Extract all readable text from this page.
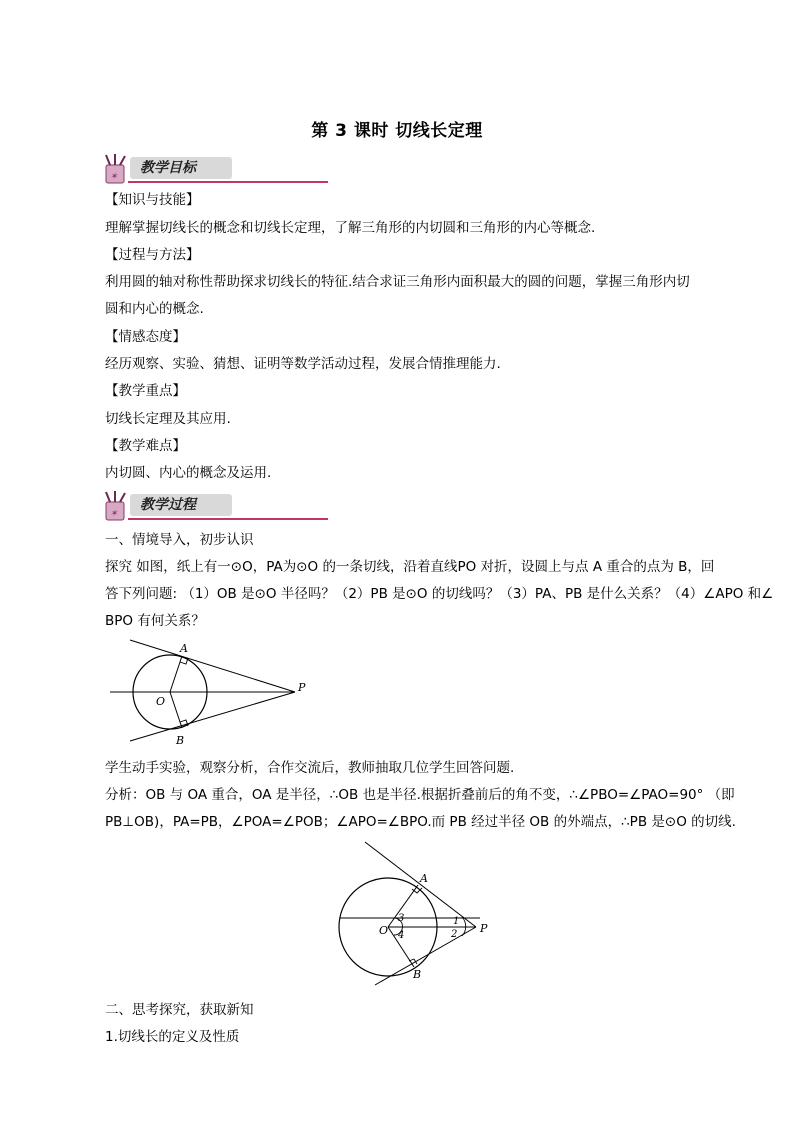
第 3 课时 切线长定理
✶
教学目标
【知识与技能】
理解掌握切线长的概念和切线长定理，了解三角形的内切圆和三角形的内心等概念.
【过程与方法】
利用圆的轴对称性帮助探求切线长的特征.结合求证三角形内面积最大的圆的问题，掌握三角形内切
圆和内心的概念.
【情感态度】
经历观察、实验、猜想、证明等数学活动过程，发展合情推理能力.
【教学重点】
切线长定理及其应用.
【教学难点】
内切圆、内心的概念及运用.
✶
教学过程
一、情境导入，初步认识
探究 如图，纸上有一⊙O，PA为⊙O 的一条切线，沿着直线PO 对折，设圆上与点 A 重合的点为 B，回
答下列问题: （1）OB 是⊙O 半径吗？（2）PB 是⊙O 的切线吗？（3）PA、PB 是什么关系？（4）∠APO 和∠
BPO 有何关系？
A
B
O
P
学生动手实验，观察分析，合作交流后，教师抽取几位学生回答问题.
分析：OB 与 OA 重合，OA 是半径，∴OB 也是半径.根据折叠前后的角不变，∴∠PBO=∠PAO=90° （即
PB⊥OB)，PA=PB，∠POA=∠POB；∠APO=∠BPO.而 PB 经过半径 OB 的外端点，∴PB 是⊙O 的切线.
A
B
O	P
1
2
3
4
二、思考探究，获取新知
1.切线长的定义及性质
